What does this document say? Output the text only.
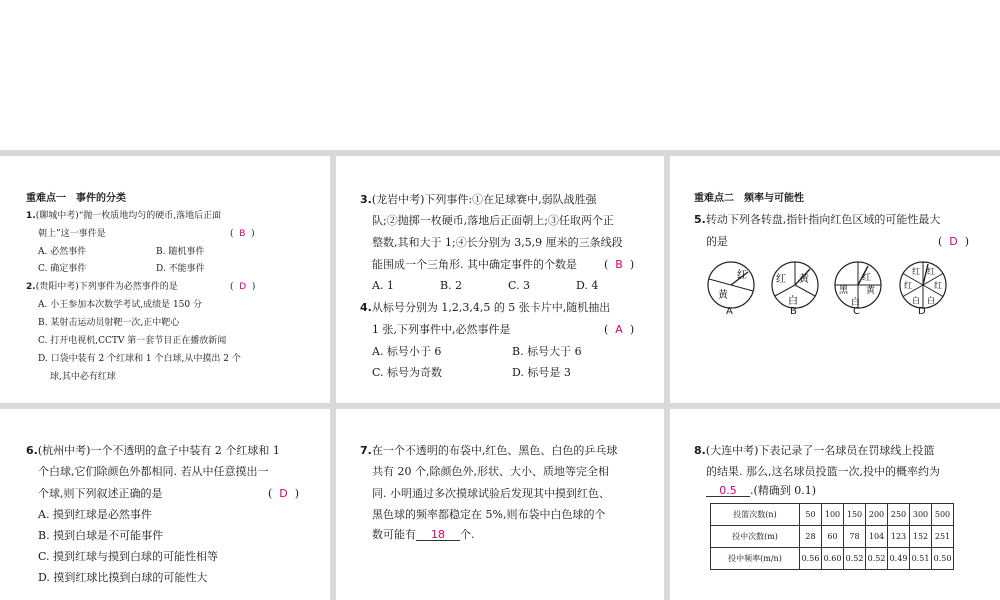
重难点一　事件的分类
1.(聊城中考)“抛一枚质地均匀的硬币,落地后正面
朝上”这一事件是	( B )
A. 必然事件	B. 随机事件
C. 确定事件	D. 不能事件
2.(贵阳中考)下列事件为必然事件的是	( D )
A. 小王参加本次数学考试,成绩是 150 分
B. 某射击运动员射靶一次,正中靶心
C. 打开电视机,CCTV 第一套节目正在播放新闻
D. 口袋中装有 2 个红球和 1 个白球,从中摸出 2 个
球,其中必有红球
3.(龙岩中考)下列事件:①在足球赛中,弱队战胜强
队;②抛掷一枚硬币,落地后正面朝上;③任取两个正
整数,其和大于 1;④长分别为 3,5,9 厘米的三条线段
能围成一个三角形. 其中确定事件的个数是 ( B )
A. 1	B. 2	C. 3	D. 4
4.从标号分别为 1,2,3,4,5 的 5 张卡片中,随机抽出
1 张,下列事件中,必然事件是	( A )
A. 标号小于 6	B. 标号大于 6
C. 标号为奇数	D. 标号是 3
重难点二　频率与可能性
5.转动下列各转盘,指针指向红色区域的可能性最大
的是	( D )
红
黄
A
红 黄
白
B
红
黑 黄
白
C
红 红
红
白
白
红
D
6.(杭州中考)一个不透明的盒子中装有 2 个红球和 1
个白球,它们除颜色外都相同. 若从中任意摸出一
个球,则下列叙述正确的是	( D )
A. 摸到红球是必然事件
B. 摸到白球是不可能事件
C. 摸到红球与摸到白球的可能性相等
D. 摸到红球比摸到白球的可能性大
7.在一个不透明的布袋中,红色、黑色、白色的乒乓球
共有 20 个,除颜色外,形状、大小、质地等完全相
同. 小明通过多次摸球试验后发现其中摸到红色、
黑色球的频率都稳定在 5%,则布袋中白色球的个
数可能有 18 个.
8.(大连中考)下表记录了一名球员在罚球线上投篮
的结果. 那么,这名球员投篮一次,投中的概率约为
0.5 .(精确到 0.1)
投篮次数(n)	50	100	150	200	250	300	500
投中次数(m)	28	60	78	104	123	152	251
投中频率(m/n)	0.56	0.60	0.52	0.52	0.49	0.51	0.50
